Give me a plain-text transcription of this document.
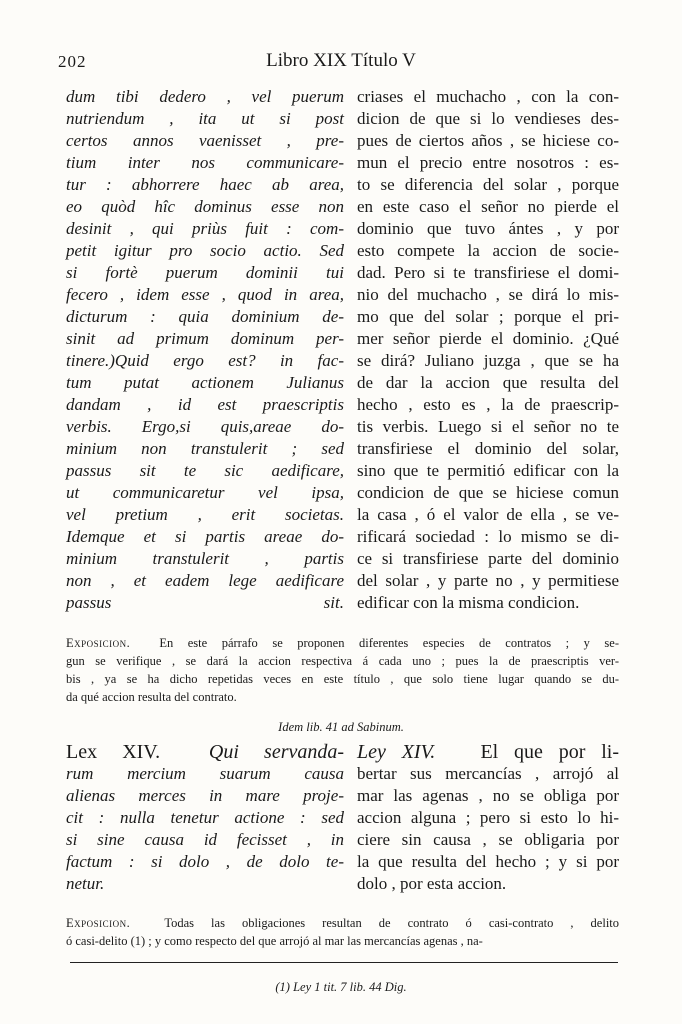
202	Libro XIX Título V
dum tibi dedero , vel puerum
nutriendum , ita ut si post
certos annos vaenisset , pre-
tium inter nos communicare-
tur : abhorrere haec ab area,
eo quòd hîc dominus esse non
desinit , qui priùs fuit : com-
petit igitur pro socio actio. Sed
si fortè puerum dominii tui
fecero , idem esse , quod in area,
dicturum : quia dominium de-
sinit ad primum dominum per-
tinere.)Quid ergo est? in fac-
tum putat actionem Julianus
dandam , id est praescriptis
verbis. Ergo,si quis,areae do-
minium non transtulerit ; sed
passus sit te sic aedificare,
ut communicaretur vel ipsa,
vel pretium , erit societas.
Idemque et si partis areae do-
minium transtulerit , partis
non , et eadem lege aedificare
passus sit.
criases el muchacho , con la con-
dicion de que si lo vendieses des-
pues de ciertos años , se hiciese co-
mun el precio entre nosotros : es-
to se diferencia del solar , porque
en este caso el señor no pierde el
dominio que tuvo ántes , y por
esto compete la accion de socie-
dad. Pero si te transfiriese el domi-
nio del muchacho , se dirá lo mis-
mo que del solar ; porque el pri-
mer señor pierde el dominio. ¿Qué
se dirá? Juliano juzga , que se ha
de dar la accion que resulta del
hecho , esto es , la de praescrip-
tis verbis. Luego si el señor no te
transfiriese el dominio del solar,
sino que te permitió edificar con la
condicion de que se hiciese comun
la casa , ó el valor de ella , se ve-
rificará sociedad : lo mismo se di-
ce si transfiriese parte del dominio
del solar , y parte no , y permitiese
edificar con la misma condicion.
Exposicion. En este párrafo se proponen diferentes especies de contratos ; y se-
gun se verifique , se dará la accion respectiva á cada uno ; pues la de praescriptis ver-
bis , ya se ha dicho repetidas veces en este título , que solo tiene lugar quando se du-
da qué accion resulta del contrato.
Idem lib. 41 ad Sabinum.
Lex XIV. Qui servanda-
rum mercium suarum causa
alienas merces in mare proje-
cit : nulla tenetur actione : sed
si sine causa id fecisset , in
factum : si dolo , de dolo te-
netur.
Ley XIV. El que por li-
bertar sus mercancías , arrojó al
mar las agenas , no se obliga por
accion alguna ; pero si esto lo hi-
ciere sin causa , se obligaria por
la que resulta del hecho ; y si por
dolo , por esta accion.
Exposicion.	Todas las obligaciones resultan de contrato ó casi-contrato , delito
ó casi-delito (1) ; y como respecto del que arrojó al mar las mercancías agenas , na-
(1) Ley 1 tit. 7 lib. 44 Dig.
